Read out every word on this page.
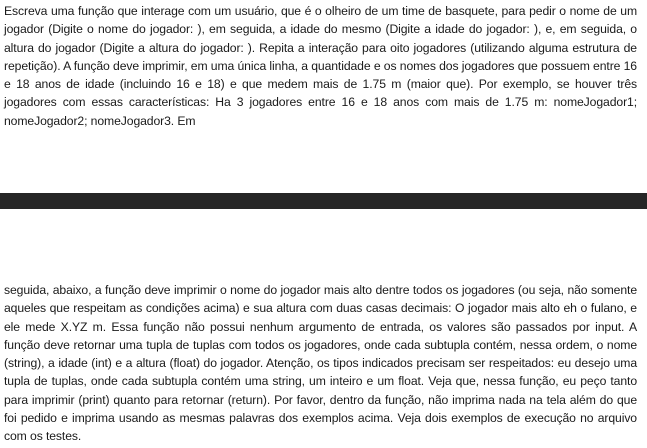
Escreva uma função que interage com um usuário, que é o olheiro de um time de basquete, para pedir o nome de um jogador (Digite o nome do jogador: ), em seguida, a idade do mesmo (Digite a idade do jogador: ), e, em seguida, o altura do jogador (Digite a altura do jogador: ). Repita a interação para oito jogadores (utilizando alguma estrutura de repetição). A função deve imprimir, em uma única linha, a quantidade e os nomes dos jogadores que possuem entre 16 e 18 anos de idade (incluindo 16 e 18) e que medem mais de 1.75 m (maior que). Por exemplo, se houver três jogadores com essas características: Ha 3 jogadores entre 16 e 18 anos com mais de 1.75 m: nomeJogador1; nomeJogador2; nomeJogador3. Em

seguida, abaixo, a função deve imprimir o nome do jogador mais alto dentre todos os jogadores (ou seja, não somente aqueles que respeitam as condições acima) e sua altura com duas casas decimais: O jogador mais alto eh o fulano, e ele mede X.YZ m. Essa função não possui nenhum argumento de entrada, os valores são passados por input. A função deve retornar uma tupla de tuplas com todos os jogadores, onde cada subtupla contém, nessa ordem, o nome (string), a idade (int) e a altura (float) do jogador. Atenção, os tipos indicados precisam ser respeitados: eu desejo uma tupla de tuplas, onde cada subtupla contém uma string, um inteiro e um float. Veja que, nessa função, eu peço tanto para imprimir (print) quanto para retornar (return). Por favor, dentro da função, não imprima nada na tela além do que foi pedido e imprima usando as mesmas palavras dos exemplos acima. Veja dois exemplos de execução no arquivo com os testes.
